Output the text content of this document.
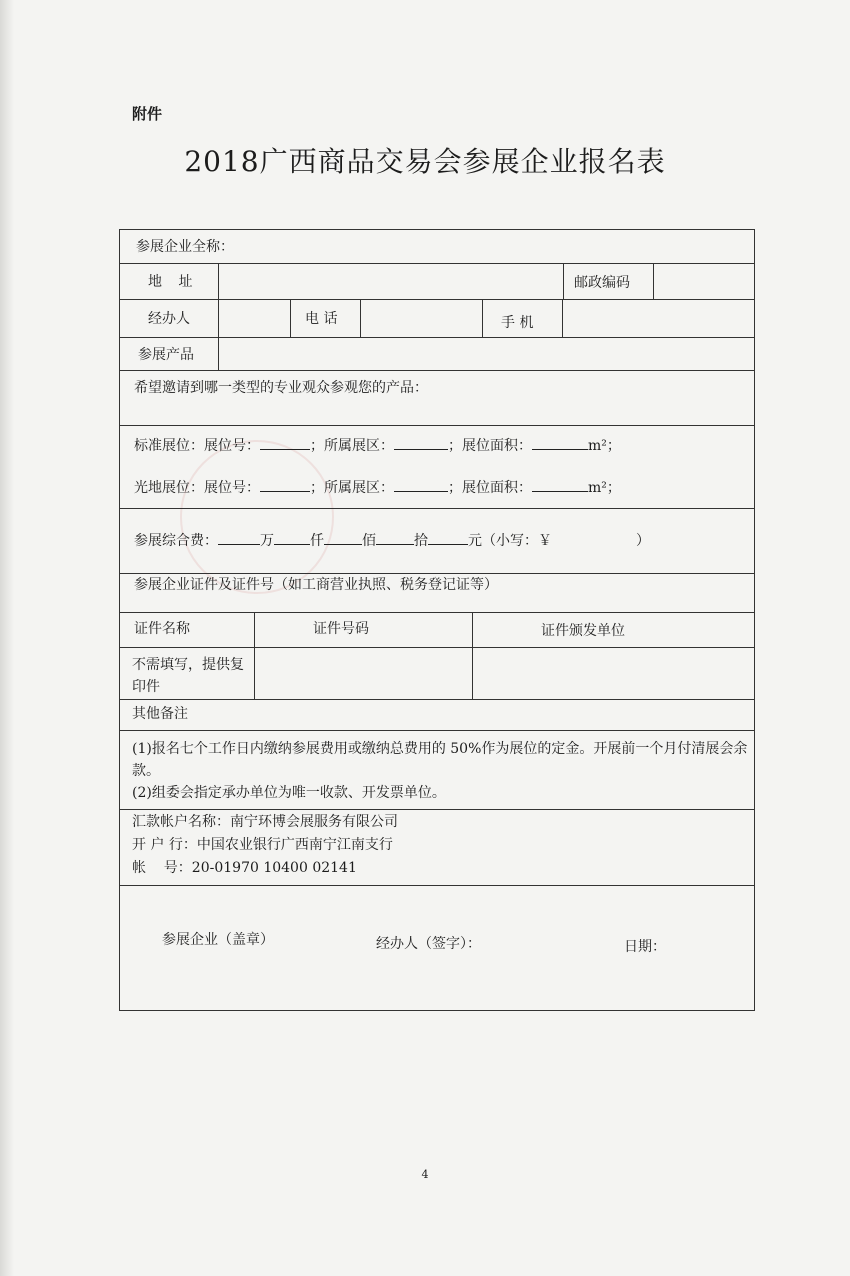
附件
2018广西商品交易会参展企业报名表
参展企业全称：
地 址	邮政编码
经办人	电 话	手 机
参展产品
希望邀请到哪一类型的专业观众参观您的产品：
标准展位：展位号：	；所属展区：	；展位面积：	m²；
光地展位：展位号：	；所属展区：	；展位面积：	m²；
参展综合费：	万	仟	佰	拾	元（小写：￥	）
参展企业证件及证件号（如工商营业执照、税务登记证等）
证件名称	证件号码	证件颁发单位
不需填写，提供复印件
其他备注
(1)报名七个工作日内缴纳参展费用或缴纳总费用的 50%作为展位的定金。开展前一个月付清展会余款。
(2)组委会指定承办单位为唯一收款、开发票单位。
汇款帐户名称：南宁环博会展服务有限公司
开 户 行：中国农业银行广西南宁江南支行
帐    号：20-01970 10400 02141
参展企业（盖章）	经办人（签字）：	日期：
4
